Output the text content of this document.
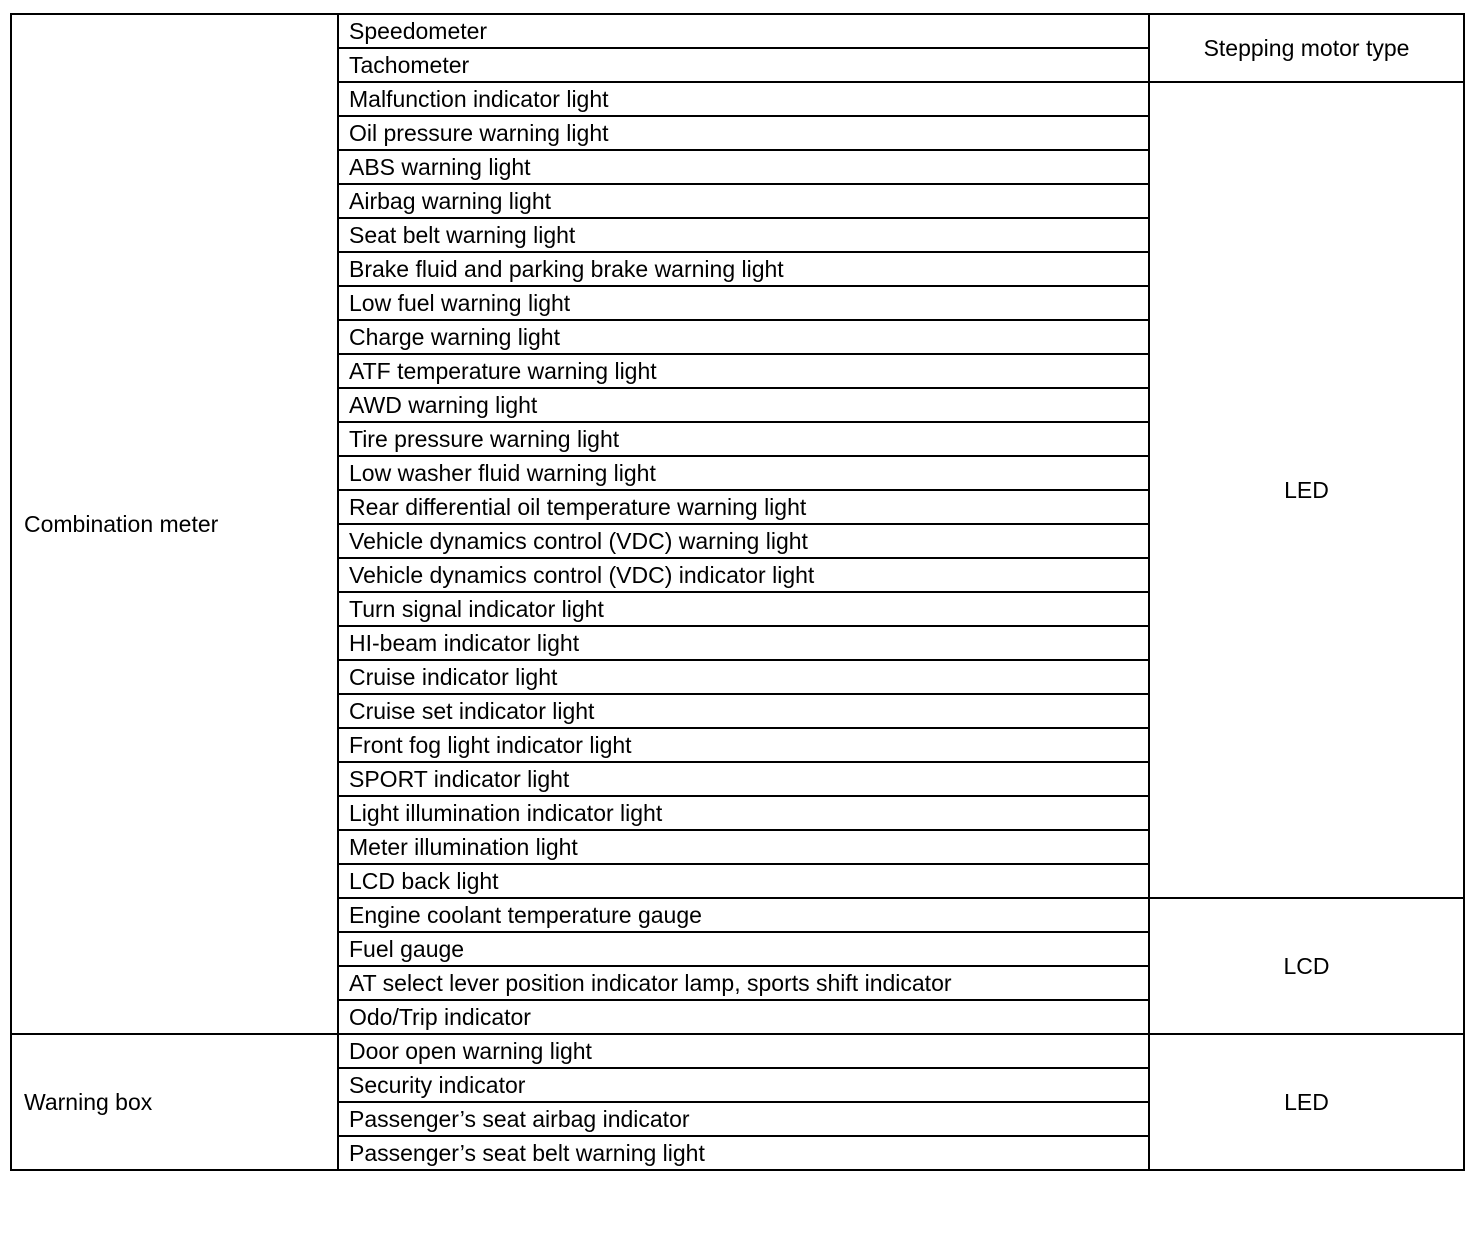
Combination meter	Speedometer	Stepping motor type
	Tachometer	
	Malfunction indicator light	LED
	Oil pressure warning light	
	ABS warning light	
	Airbag warning light	
	Seat belt warning light	
	Brake fluid and parking brake warning light	
	Low fuel warning light	
	Charge warning light	
	ATF temperature warning light	
	AWD warning light	
	Tire pressure warning light	
	Low washer fluid warning light	
	Rear differential oil temperature warning light	
	Vehicle dynamics control (VDC) warning light	
	Vehicle dynamics control (VDC) indicator light	
	Turn signal indicator light	
	HI-beam indicator light	
	Cruise indicator light	
	Cruise set indicator light	
	Front fog light indicator light	
	SPORT indicator light	
	Light illumination indicator light	
	Meter illumination light	
	LCD back light	
	Engine coolant temperature gauge	LCD
	Fuel gauge	
	AT select lever position indicator lamp, sports shift indicator	
	Odo/Trip indicator	
Warning box	Door open warning light	LED
	Security indicator	
	Passenger’s seat airbag indicator	
	Passenger’s seat belt warning light	
